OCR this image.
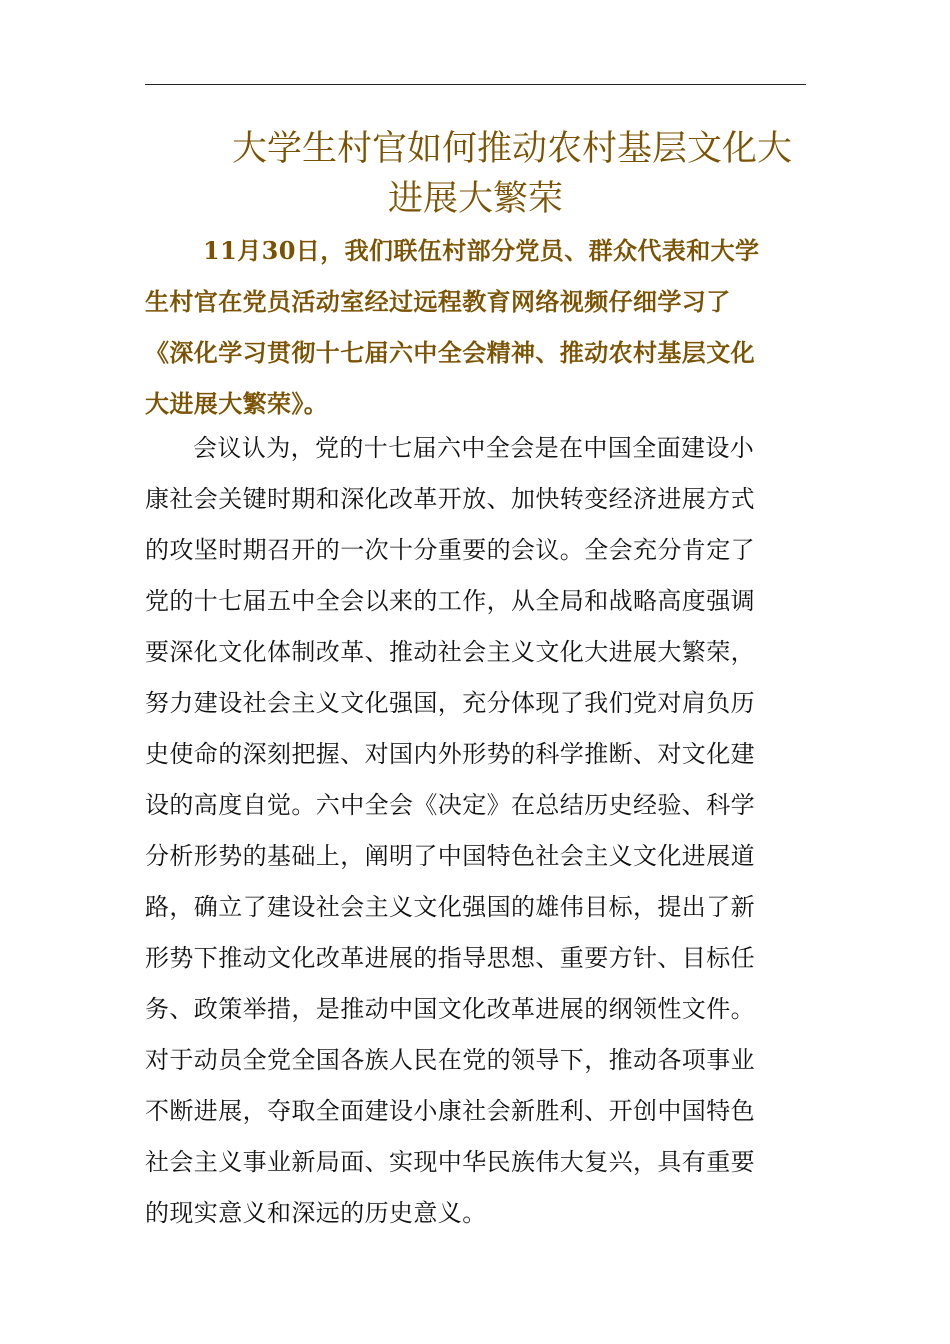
大学生村官如何推动农村基层文化大
进展大繁荣
11月30日，我们联伍村部分党员、群众代表和大学
生村官在党员活动室经过远程教育网络视频仔细学习了
《深化学习贯彻十七届六中全会精神、推动农村基层文化
大进展大繁荣》。
会议认为，党的十七届六中全会是在中国全面建设小
康社会关键时期和深化改革开放、加快转变经济进展方式
的攻坚时期召开的一次十分重要的会议。全会充分肯定了
党的十七届五中全会以来的工作，从全局和战略高度强调
要深化文化体制改革、推动社会主义文化大进展大繁荣，
努力建设社会主义文化强国，充分体现了我们党对肩负历
史使命的深刻把握、对国内外形势的科学推断、对文化建
设的高度自觉。六中全会《决定》在总结历史经验、科学
分析形势的基础上，阐明了中国特色社会主义文化进展道
路，确立了建设社会主义文化强国的雄伟目标，提出了新
形势下推动文化改革进展的指导思想、重要方针、目标任
务、政策举措，是推动中国文化改革进展的纲领性文件。
对于动员全党全国各族人民在党的领导下，推动各项事业
不断进展，夺取全面建设小康社会新胜利、开创中国特色
社会主义事业新局面、实现中华民族伟大复兴，具有重要
的现实意义和深远的历史意义。
